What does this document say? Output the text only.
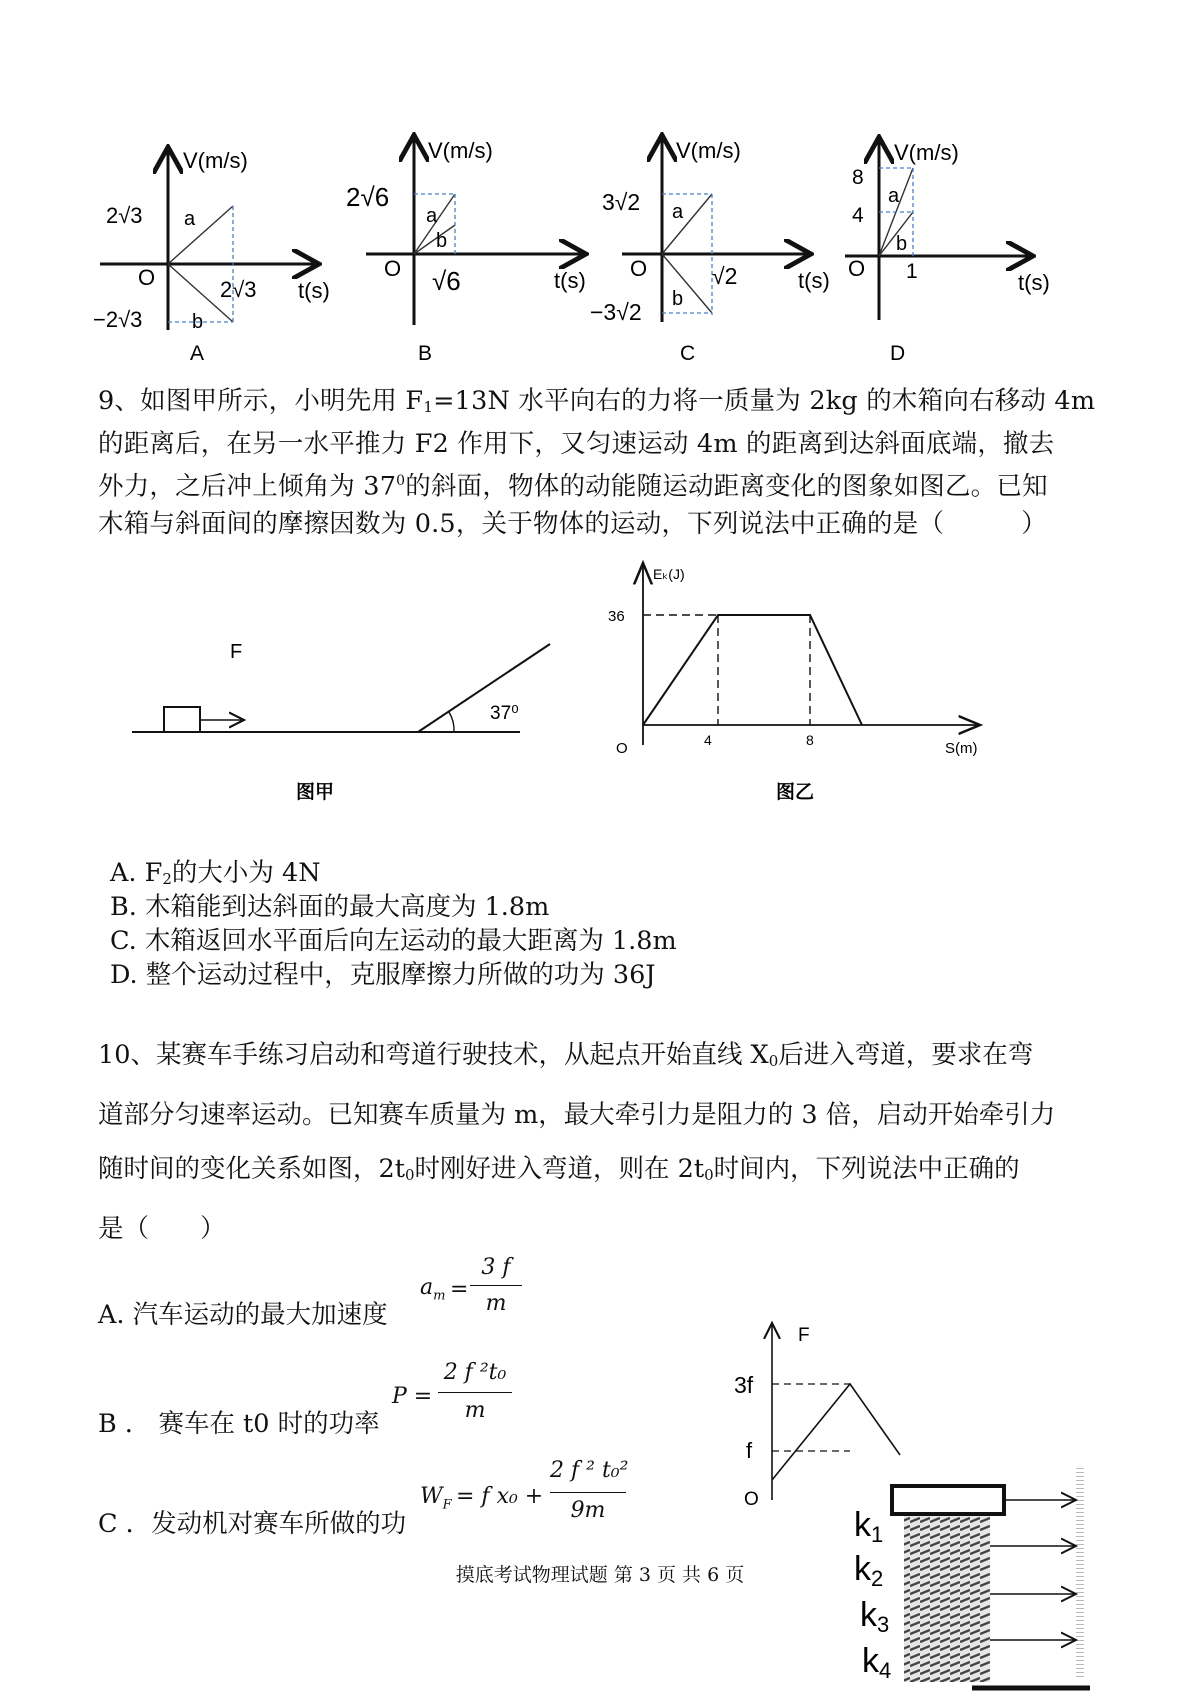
V(m/s)
2√3
−2√3
O	2√3 t(s)
a
b
A
V(m/s)
2√6
O √6	t(s)
a
b
B
V(m/s)
3√2
−3√2
O	√2	t(s)
a
b
C
V(m/s)
8
4
O 1	t(s)
a
b
D
9、如图甲所示，小明先用 $F_1=13N$ 水平向右的力将一质量为 2kg 的木箱向右移动 4m
的距离后，在另一水平推力 F2 作用下，又匀速运动 4m 的距离到达斜面底端，撤去
外力，之后冲上倾角为 $37^0$的斜面，物体的动能随运动距离变化的图象如图乙。已知
木箱与斜面间的摩擦因数为 0.5，关于物体的运动，下列说法中正确的是（　　　）
F
37⁰
图甲
Eₖ(J)
36
O	4	8	S(m)
图乙
A. $F_2$的大小为 4N
B. 木箱能到达斜面的最大高度为 1.8m
C. 木箱返回水平面后向左运动的最大距离为 1.8m
D. 整个运动过程中，克服摩擦力所做的功为 36J
10、某赛车手练习启动和弯道行驶技术，从起点开始直线 $X_0$后进入弯道，要求在弯
道部分匀速率运动。已知赛车质量为 m，最大牵引力是阻力的 3 倍，启动开始牵引力
随时间的变化关系如图，$2t_0$时刚好进入弯道，则在 $2t_0$时间内，下列说法中正确的
是（　　）
A. 汽车运动的最大加速度
$a_m$ =
3 f
m
B ． 赛车在 t0 时的功率
P =
2 f ²t₀
m
C ．发动机对赛车所做的功
$W_F = f$ x₀ +
2 f ² t₀²
9m
F
3f
f
O
k1
k2
k3
k4
摸底考试物理试题 第 3 页 共 6 页
